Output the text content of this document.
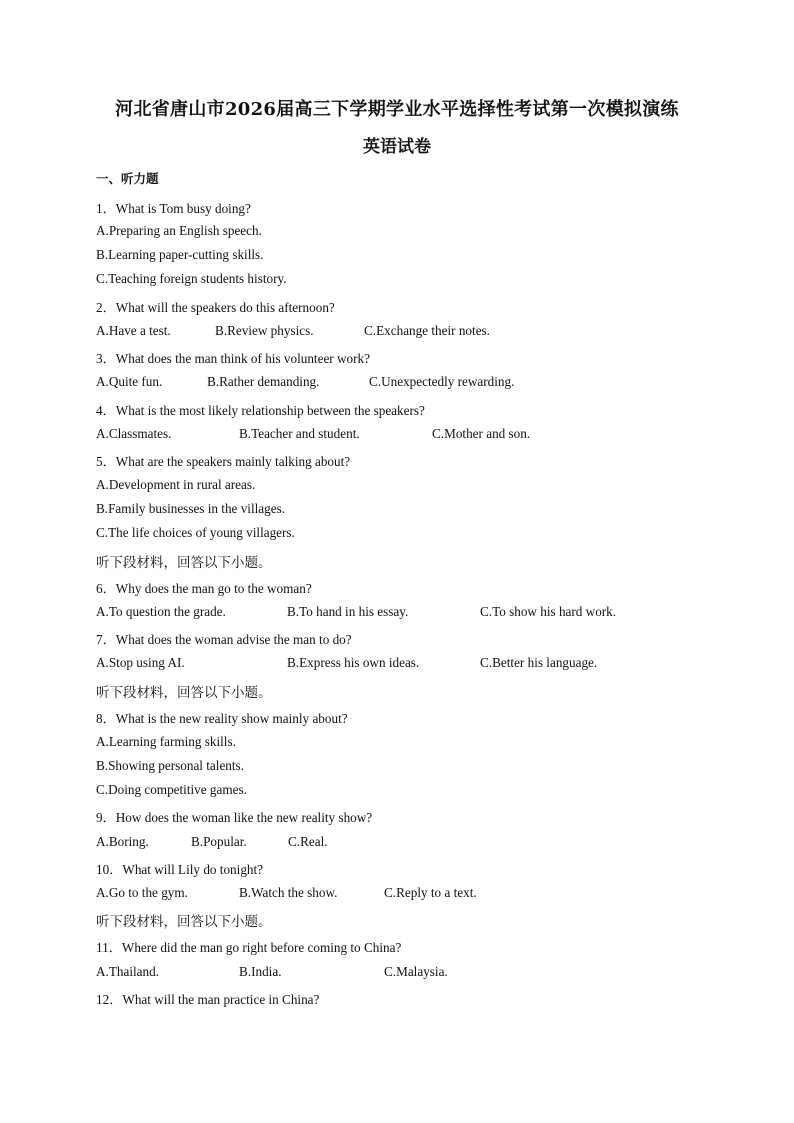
河北省唐山市2026届高三下学期学业水平选择性考试第一次模拟演练
英语试卷
一、听力题
1．What is Tom busy doing?
A.Preparing an English speech.
B.Learning paper-cutting skills.
C.Teaching foreign students history.
2．What will the speakers do this afternoon?
A.Have a test.	B.Review physics.	C.Exchange their notes.
3．What does the man think of his volunteer work?
A.Quite fun.	B.Rather demanding.	C.Unexpectedly rewarding.
4．What is the most likely relationship between the speakers?
A.Classmates.	B.Teacher and student.	C.Mother and son.
5．What are the speakers mainly talking about?
A.Development in rural areas.
B.Family businesses in the villages.
C.The life choices of young villagers.
听下段材料，回答以下小题。
6．Why does the man go to the woman?
A.To question the grade.	B.To hand in his essay.	C.To show his hard work.
7．What does the woman advise the man to do?
A.Stop using AI.	B.Express his own ideas.	C.Better his language.
听下段材料，回答以下小题。
8．What is the new reality show mainly about?
A.Learning farming skills.
B.Showing personal talents.
C.Doing competitive games.
9．How does the woman like the new reality show?
A.Boring.	B.Popular.	C.Real.
10．What will Lily do tonight?
A.Go to the gym.	B.Watch the show.	C.Reply to a text.
听下段材料，回答以下小题。
11．Where did the man go right before coming to China?
A.Thailand.	B.India.	C.Malaysia.
12．What will the man practice in China?
